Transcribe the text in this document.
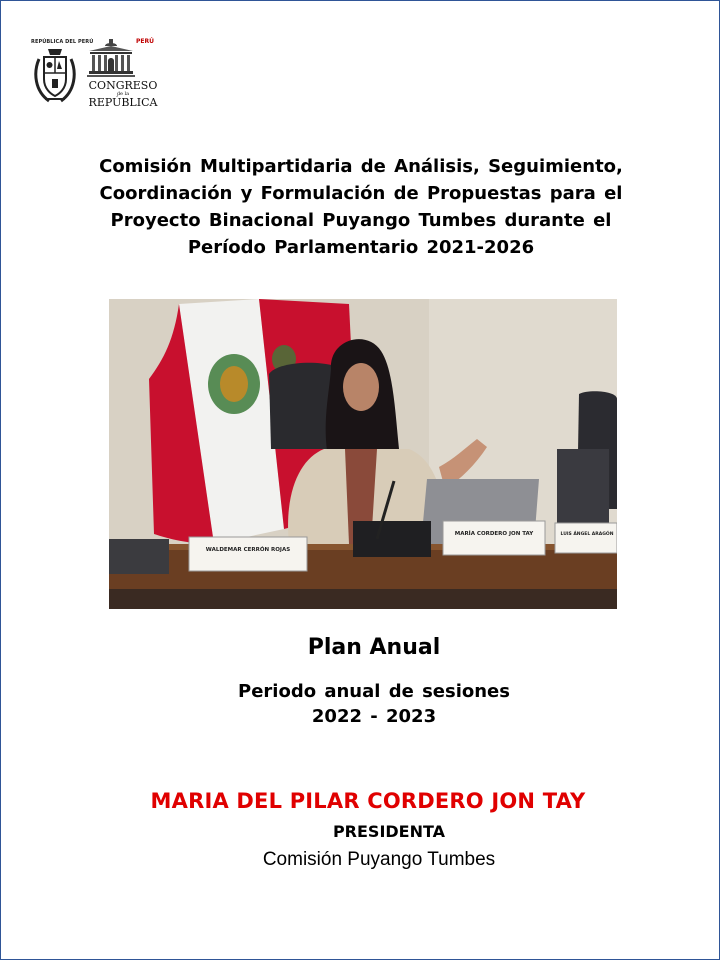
REPÚBLICA DEL PERÚ	PERÚ
CONGRESO
de la
REPÚBLICA
Comisión Multipartidaria de Análisis, Seguimiento,
Coordinación y Formulación de Propuestas para el
Proyecto Binacional Puyango Tumbes durante el
Período Parlamentario 2021-2026
WALDEMAR CERRÓN ROJAS
MARÍA CORDERO JON TAY	LUIS ÁNGEL ARAGÓN
Plan Anual
Periodo anual de sesiones
2022 - 2023
MARIA DEL PILAR CORDERO JON TAY
PRESIDENTA
Comisión Puyango Tumbes
